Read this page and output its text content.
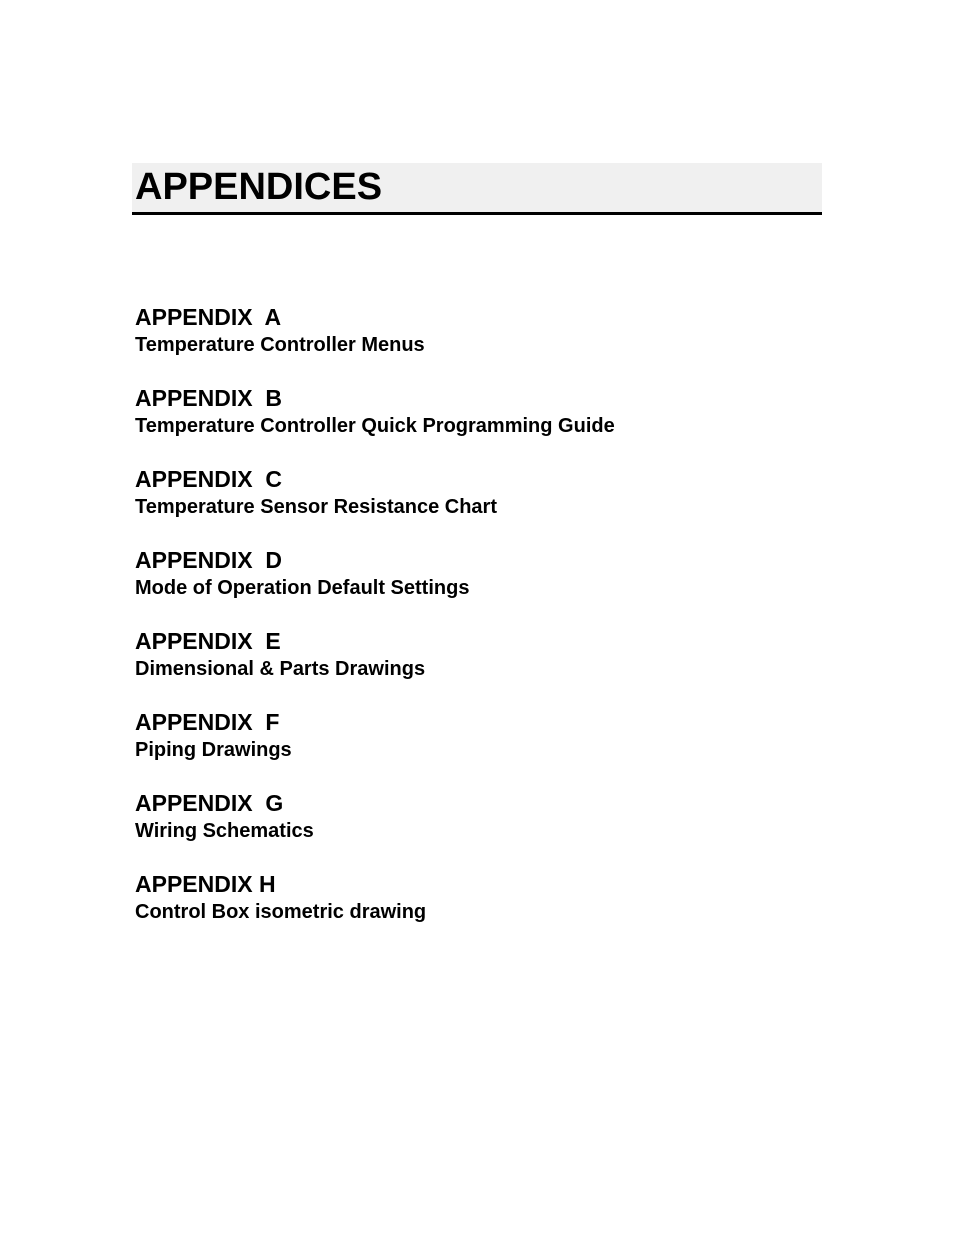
APPENDICES
APPENDIX  A
Temperature Controller Menus
APPENDIX  B
Temperature Controller Quick Programming Guide
APPENDIX  C
Temperature Sensor Resistance Chart
APPENDIX  D
Mode of Operation Default Settings
APPENDIX  E
Dimensional & Parts Drawings
APPENDIX  F
Piping Drawings
APPENDIX  G
Wiring Schematics
APPENDIX H
Control Box isometric drawing
